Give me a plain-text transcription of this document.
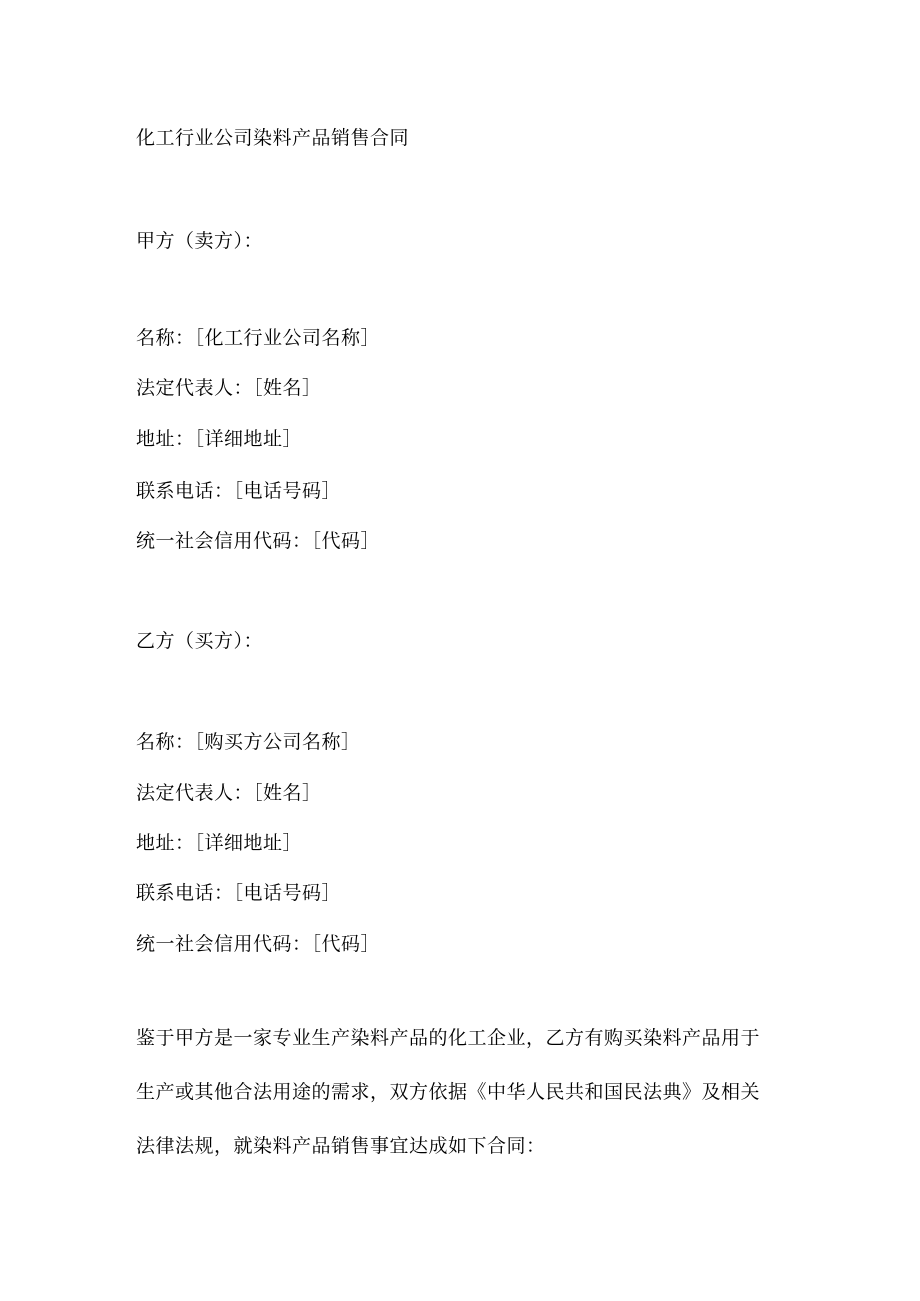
化工行业公司染料产品销售合同
甲方（卖方）：
名称：［化工行业公司名称］
法定代表人：［姓名］
地址：［详细地址］
联系电话：［电话号码］
统一社会信用代码：［代码］
乙方（买方）：
名称：［购买方公司名称］
法定代表人：［姓名］
地址：［详细地址］
联系电话：［电话号码］
统一社会信用代码：［代码］
鉴于甲方是一家专业生产染料产品的化工企业，乙方有购买染料产品用于
生产或其他合法用途的需求，双方依据《中华人民共和国民法典》及相关
法律法规，就染料产品销售事宜达成如下合同：
